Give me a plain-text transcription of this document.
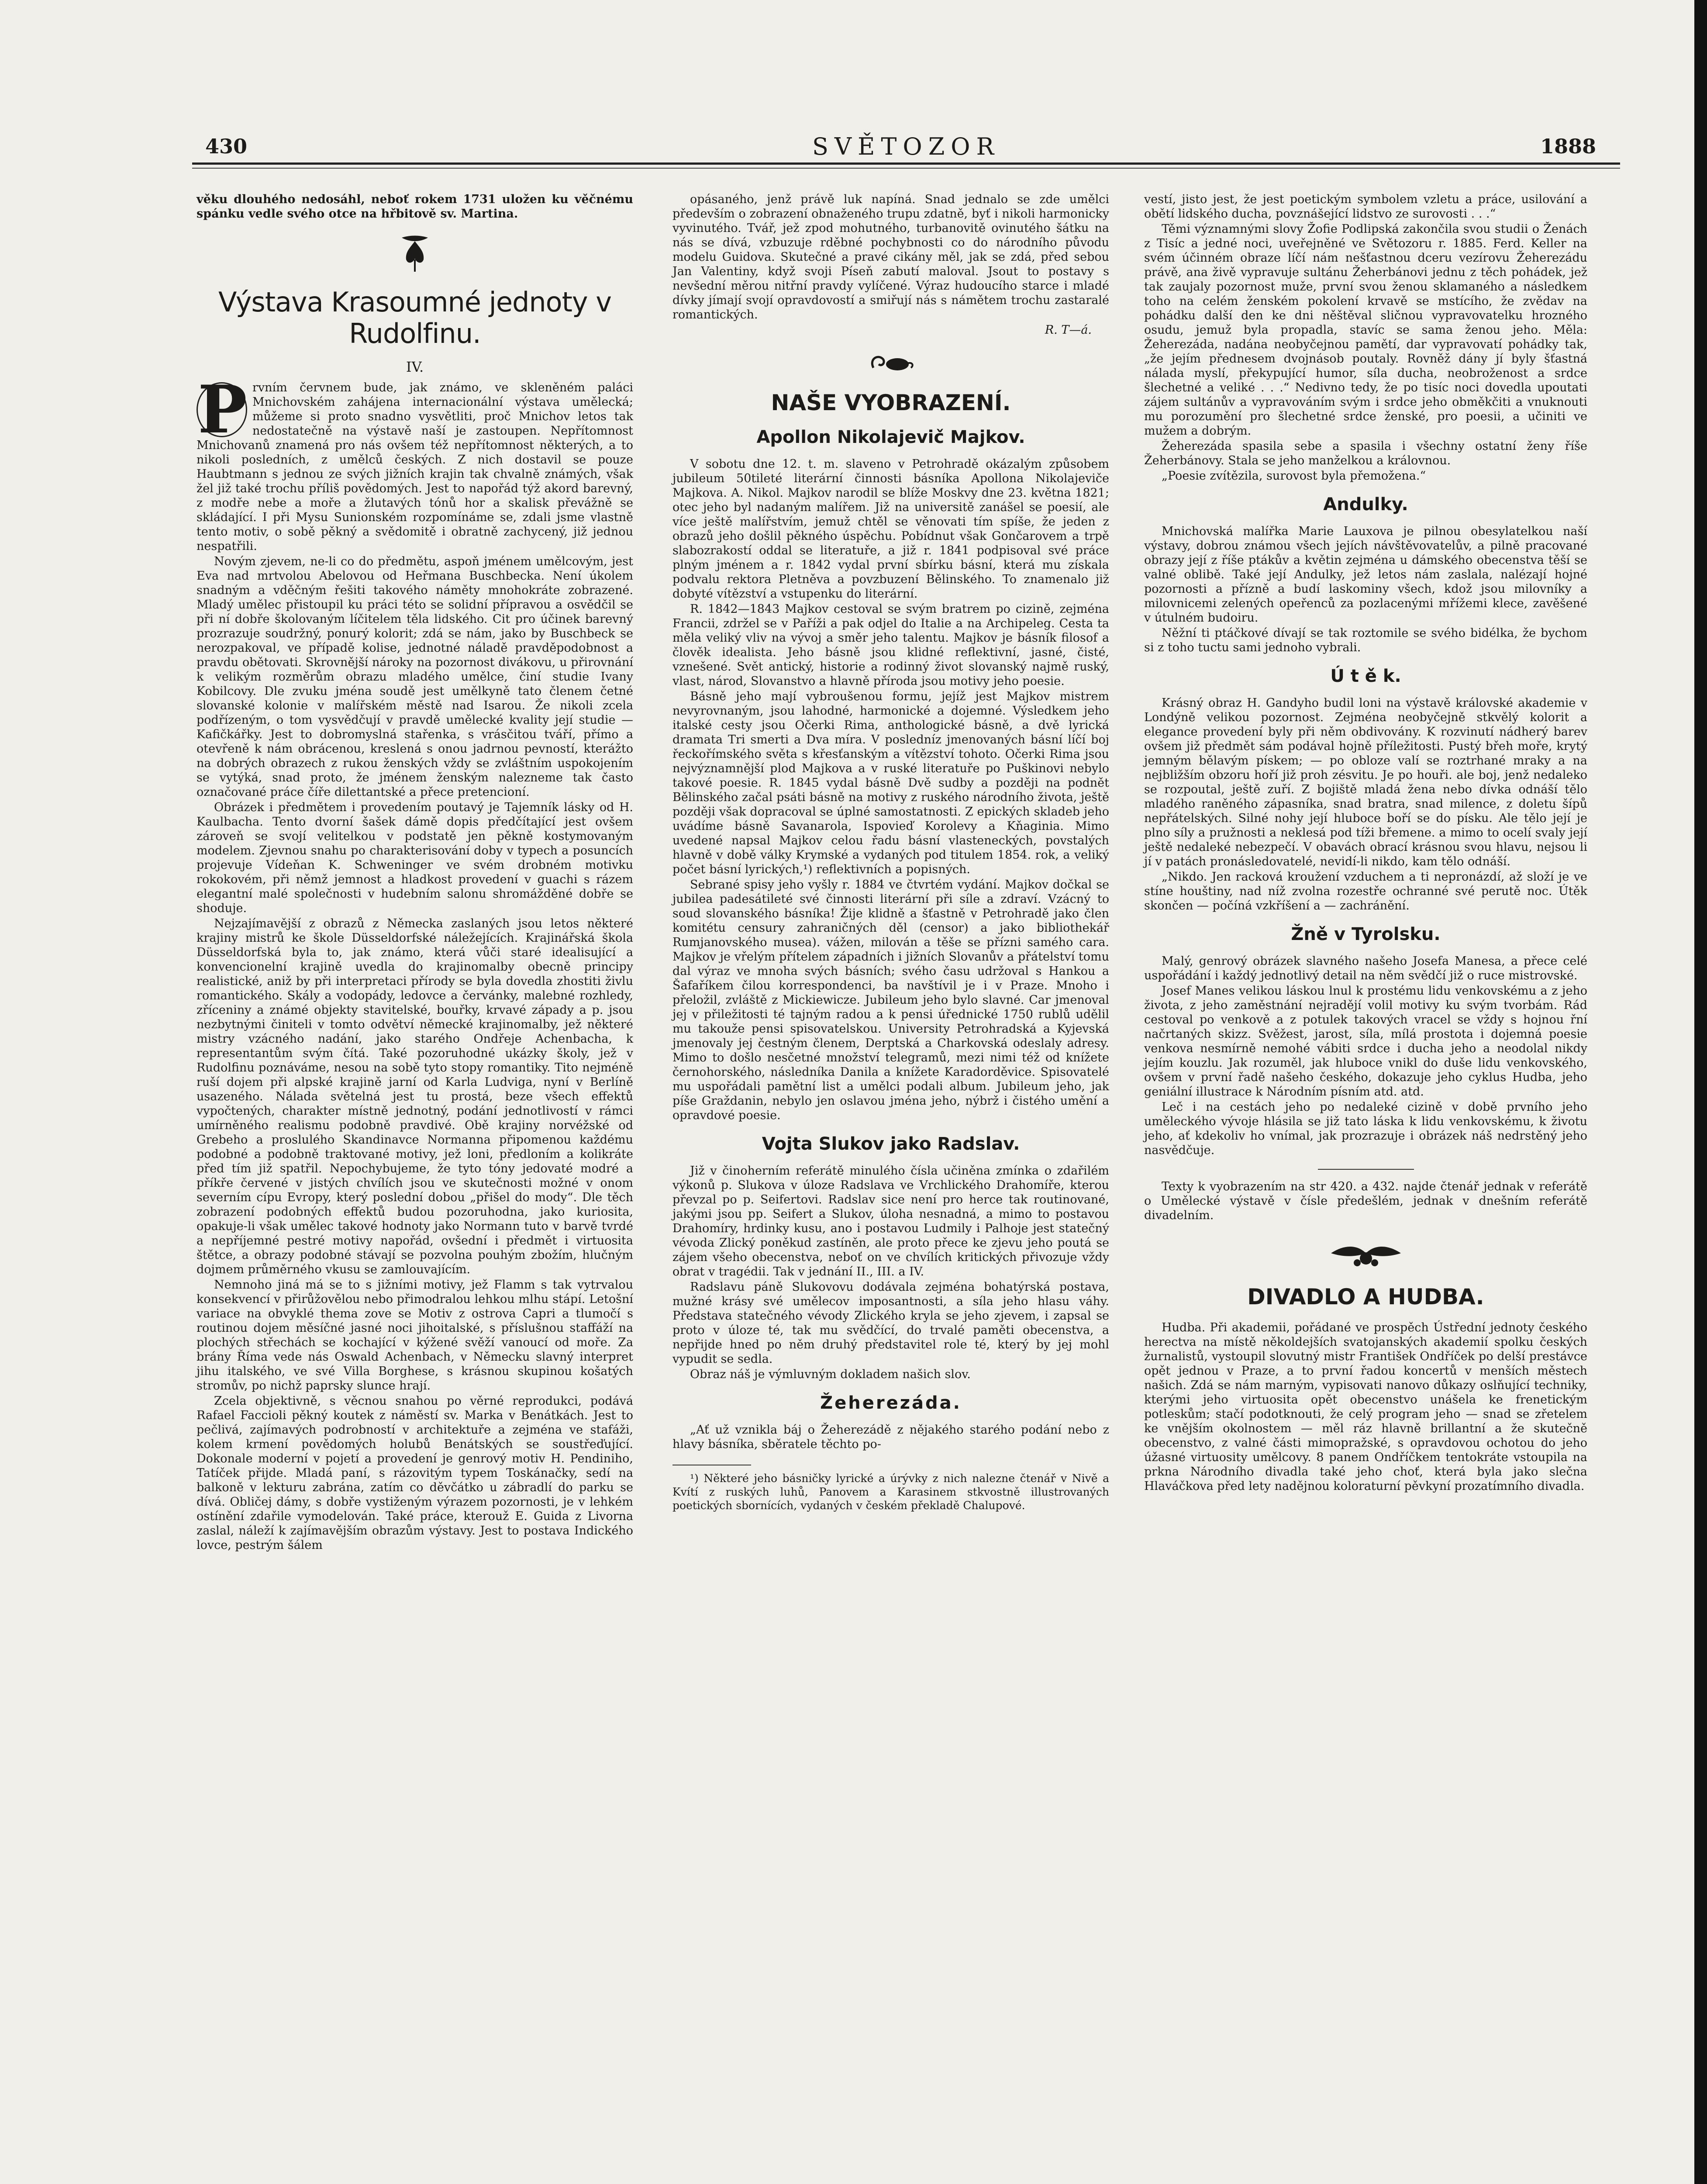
430	SVĚTOZOR	1888

věku dlouhého nedosáhl, neboť rokem 1731 uložen ku věčnému spánku vedle svého otce na hřbitově sv. Martina.

Výstava Krasoumné jednoty v Rudolfinu.
IV.
P rvním červnem bude, jak známo, ve skleněném paláci Mnichovském zahájena internacionální výstava umělecká; můžeme si proto snadno vysvětliti, proč Mnichov letos tak nedostatečně na výstavě naší je zastoupen. Nepřítomnost Mnichovanů znamená pro nás ovšem též nepřítomnost některých, a to nikoli posledních, z umělců českých. Z nich dostavil se pouze Haubtmann s jednou ze svých jižních krajin tak chvalně známých, však žel již také trochu příliš povědomých. Jest to napořád týž akord barevný, z modře nebe a moře a žlutavých tónů hor a skalisk převážně se skládající. I při Mysu Sunionském rozpomínáme se, zdali jsme vlastně tento motiv, o sobě pěkný a svědomitě i obratně zachycený, již jednou nespatřili.

Novým zjevem, ne-li co do předmětu, aspoň jménem umělcovým, jest Eva nad mrtvolou Abelovou od Heřmana Buschbecka. Není úkolem snadným a vděčným řešiti takového náměty mnohokráte zobrazené. Mladý umělec přistoupil ku práci této se solidní přípravou a osvědčil se při ní dobře školovaným líčitelem těla lidského. Cit pro účinek barevný prozrazuje soudržný, ponurý kolorit; zdá se nám, jako by Buschbeck se nerozpakoval, ve případě kolise, jednotné náladě pravděpodobnost a pravdu obětovati. Skrovnější nároky na pozornost divákovu, u přirovnání k velikým rozměrům obrazu mladého umělce, činí studie Ivany Kobilcovy. Dle zvuku jména soudě jest umělkyně tato členem četné slovanské kolonie v malířském městě nad Isarou. Že nikoli zcela podřízeným, o tom vysvědčují v pravdě umělecké kvality její studie — Kafičkářky. Jest to dobromyslná stařenka, s vrásčitou tváří, přímo a otevřeně k nám obrácenou, kreslená s onou jadrnou pevností, kterážto na dobrých obrazech z rukou ženských vždy se zvláštním uspokojením se vytýká, snad proto, že jménem ženským nalezneme tak často označované práce číře dilettantské a přece pretencioní.

Obrázek i předmětem i provedením poutavý je Tajemník lásky od H. Kaulbacha. Tento dvorní šašek dámě dopis předčítající jest ovšem zároveň se svojí velitelkou v podstatě jen pěkně kostymovaným modelem. Zjevnou snahu po charakterisování doby v typech a posuncích projevuje Vídeňan K. Schweninger ve svém drobném motivku rokokovém, při němž jemnost a hladkost provedení v guachi s rázem elegantní malé společnosti v hudebním salonu shromážděné dobře se shoduje.

Nejzajímavější z obrazů z Německa zaslaných jsou letos některé krajiny mistrů ke škole Düsseldorfské náležejících. Krajinářská škola Düsseldorfská byla to, jak známo, která vůči staré idealisující a konvencionelní krajině uvedla do krajinomalby obecně principy realistické, aniž by při interpretaci přírody se byla dovedla zhostiti živlu romantického. Skály a vodopády, ledovce a červánky, malebné rozhledy, zříceniny a známé objekty stavitelské, bouřky, krvavé západy a p. jsou nezbytnými činiteli v tomto odvětví německé krajinomalby, jež některé mistry vzácného nadání, jako starého Ondřeje Achenbacha, k representantům svým čítá. Také pozoruhodné ukázky školy, jež v Rudolfinu poznáváme, nesou na sobě tyto stopy romantiky. Tito nejméně ruší dojem při alpské krajině jarní od Karla Ludviga, nyní v Berlíně usazeného. Nálada světelná jest tu prostá, beze všech effektů vypočtených, charakter místně jednotný, podání jednotlivostí v rámci umírněného realismu podobně pravdivé. Obě krajiny norvéžské od Grebeho a proslulého Skandinavce Normanna připomenou každému podobné a podobně traktované motivy, jež loni, předloním a kolikráte před tím již spatřil. Nepochybujeme, že tyto tóny jedovaté modré a příkře červené v jistých chvílích jsou ve skutečnosti možné v onom severním cípu Evropy, který poslední dobou „přišel do mody“. Dle těch zobrazení podobných effektů budou pozoruhodna, jako kuriosita, opakuje-li však umělec takové hodnoty jako Normann tuto v barvě tvrdé a nepříjemné pestré motivy napořád, ovšední i předmět i virtuosita štětce, a obrazy podobné stávají se pozvolna pouhým zbožím, hlučným dojmem průměrného vkusu se zamlouvajícím.

Nemnoho jiná má se to s jižními motivy, jež Flamm s tak vytrvalou konsekvencí v přirůžovělou nebo přimodralou lehkou mlhu stápí. Letošní variace na obvyklé thema zove se Motiv z ostrova Capri a tlumočí s routinou dojem měsíčné jasné noci jihoitalské, s příslušnou staffáží na plochých střechách se kochající v kýžené svěží vanoucí od moře. Za brány Říma vede nás Oswald Achenbach, v Německu slavný interpret jihu italského, ve své Villa Borghese, s krásnou skupinou košatých stromův, po nichž paprsky slunce hrají.

Zcela objektivně, s věcnou snahou po věrné reprodukci, podává Rafael Faccioli pěkný koutek z náměstí sv. Marka v Benátkách. Jest to pečlivá, zajímavých podrobností v architektuře a zejména ve stafáži, kolem krmení povědomých holubů Benátských se soustřeďující. Dokonale moderní v pojetí a provedení je genrový motiv H. Pendiniho, Tatíček přijde. Mladá paní, s rázovitým typem Toskánačky, sedí na balkoně v lekturu zabrána, zatím co děvčátko u zábradlí do parku se dívá. Obličej dámy, s dobře vystiženým výrazem pozornosti, je v lehkém ostínění zdařile vymodelován. Také práce, kterouž E. Guida z Livorna zaslal, náleží k zajímavějším obrazům výstavy. Jest to postava Indického lovce, pestrým šálem

opásaného, jenž právě luk napíná. Snad jednalo se zde umělci především o zobrazení obnaženého trupu zdatně, byť i nikoli harmonicky vyvinutého. Tvář, jež zpod mohutného, turbanovitě ovinutého šátku na nás se dívá, vzbuzuje rděbné pochybnosti co do národního původu modelu Guidova. Skutečné a pravé cikány měl, jak se zdá, před sebou Jan Valentiny, když svoji Píseň zabutí maloval. Jsout to postavy s nevšední měrou nitřní pravdy vylíčené. Výraz hudoucího starce i mladé dívky jímají svojí opravdovostí a smiřují nás s námětem trochu zastaralé romantických.

R. T—á.

NAŠE VYOBRAZENÍ.
Apollon Nikolajevič Majkov.

V sobotu dne 12. t. m. slaveno v Petrohradě okázalým způsobem jubileum 50tileté literární činnosti básníka Apollona Nikolajeviče Majkova. A. Nikol. Majkov narodil se blíže Moskvy dne 23. května 1821; otec jeho byl nadaným malířem. Již na universitě zanášel se poesií, ale více ještě malířstvím, jemuž chtěl se věnovati tím spíše, že jeden z obrazů jeho došlil pěkného úspěchu. Pobídnut však Gončarovem a trpě slabozrakostí oddal se literatuře, a již r. 1841 podpisoval své práce plným jménem a r. 1842 vydal první sbírku básní, která mu získala podvalu rektora Pletněva a povzbuzení Bělinského. To znamenalo již dobyté vítězství a vstupenku do literární.

R. 1842—1843 Majkov cestoval se svým bratrem po cizině, zejména Francii, zdržel se v Paříži a pak odjel do Italie a na Archipeleg. Cesta ta měla veliký vliv na vývoj a směr jeho talentu. Majkov je básník filosof a člověk idealista. Jeho básně jsou klidné reflektivní, jasné, čisté, vznešené. Svět antický, historie a rodinný život slovanský najmě ruský, vlast, národ, Slovanstvo a hlavně příroda jsou motivy jeho poesie.

Básně jeho mají vybroušenou formu, jejíž jest Majkov mistrem nevyrovnaným, jsou lahodné, harmonické a dojemné. Výsledkem jeho italské cesty jsou Očerki Rima, anthologické básně, a dvě lyrická dramata Tri smerti a Dva míra. V posledníz jmenovaných básní líčí boj řeckořímského světa s křesťanským a vítězství tohoto. Očerki Rima jsou nejvýznamnější plod Majkova a v ruské literatuře po Puškinovi nebylo takové poesie. R. 1845 vydal básně Dvě sudby a později na podnět Bělinského začal psáti básně na motivy z ruského národního života, ještě později však dopracoval se úplné samostatnosti. Z epických skladeb jeho uvádíme básně Savanarola, Ispovieď Korolevy a Kňaginia. Mimo uvedené napsal Majkov celou řadu básní vlasteneckých, povstalých hlavně v době války Krymské a vydaných pod titulem 1854. rok, a veliký počet básní lyrických,¹) reflektivních a popisných.

Sebrané spisy jeho vyšly r. 1884 ve čtvrtém vydání. Majkov dočkal se jubilea padesátileté své činnosti literární při síle a zdraví. Vzácný to soud slovanského básníka! Žije klidně a šťastně v Petrohradě jako člen komitétu censury zahraničných děl (censor) a jako bibliothekář Rumjanovského musea). vážen, milován a těše se přízni samého cara. Majkov je vřelým přítelem západních i jižních Slovanův a přátelství tomu dal výraz ve mnoha svých básních; svého času udržoval s Hankou a Šafaříkem čilou korrespondenci, ba navštívil je i v Praze. Mnoho i přeložil, zvláště z Mickiewicze. Jubileum jeho bylo slavné. Car jmenoval jej v přiležitosti té tajným radou a k pensi úřednické 1750 rublů udělil mu takouže pensi spisovatelskou. University Petrohradská a Kyjevská jmenovaly jej čestným členem, Derptská a Charkovská odeslaly adresy. Mimo to došlo nesčetné množství telegramů, mezi nimi též od knížete černohorského, následníka Danila a knížete Karadorděvice. Spisovatelé mu uspořádali pamětní list a umělci podali album. Jubileum jeho, jak píše Graždanin, nebylo jen oslavou jména jeho, nýbrž i čistého umění a opravdové poesie.

Vojta Slukov jako Radslav.

Již v činoherním referátě minulého čísla učiněna zmínka o zdařilém výkonů p. Slukova v úloze Radslava ve Vrchlického Drahomíře, kterou převzal po p. Seifertovi. Radslav sice není pro herce tak routinované, jakými jsou pp. Seifert a Slukov, úloha nesnadná, a mimo to postavou Drahomíry, hrdinky kusu, ano i postavou Ludmily i Palhoje jest statečný vévoda Zlický poněkud zastíněn, ale proto přece ke zjevu jeho poutá se zájem všeho obecenstva, neboť on ve chvílích kritických přivozuje vždy obrat v tragédii. Tak v jednání II., III. a IV.

Radslavu páně Slukovovu dodávala zejména bohatýrská postava, mužné krásy své umělecov imposantnosti, a síla jeho hlasu váhy. Představa statečného vévody Zlického kryla se jeho zjevem, i zapsal se proto v úloze té, tak mu svědčící, do trvalé paměti obecenstva, a nepřijde hned po něm druhý představitel role té, který by jej mohl vypudit se sedla.

Obraz náš je výmluvným dokladem našich slov.

Žeherezáda.

„Ať už vznikla báj o Žeherezádě z nějakého starého podání nebo z hlavy básníka, sběratele těchto po-

¹) Některé jeho básničky lyrické a úrývky z nich nalezne čtenář v Nivě a Kvítí z ruských luhů, Panovem a Karasinem stkvostně illustrovaných poetických sbornících, vydaných v českém překladě Chalupové.

vestí, jisto jest, že jest poetickým symbolem vzletu a práce, usilování a obětí lidského ducha, povznášející lidstvo ze surovosti . . .“

Těmi významnými slovy Žofie Podlipská zakončila svou studii o Ženách z Tisíc a jedné noci, uveřejněné ve Světozoru r. 1885. Ferd. Keller na svém účinném obraze líčí nám nešťastnou dceru vezírovu Žeherezádu právě, ana živě vypravuje sultánu Žeherbánovi jednu z těch pohádek, jež tak zaujaly pozornost muže, první svou ženou sklamaného a následkem toho na celém ženském pokolení krvavě se mstícího, že zvědav na pohádku další den ke dni něštěval sličnou vypravovatelku hrozného osudu, jemuž byla propadla, stavíc se sama ženou jeho. Měla: Žeherezáda, nadána neobyčejnou pamětí, dar vypravovatí pohádky tak, „že jejím přednesem dvojnásob poutaly. Rovněž dány jí byly šťastná nálada myslí, překypující humor, síla ducha, neobroženost a srdce šlechetné a veliké . . .“ Nedivno tedy, že po tisíc noci dovedla upoutati zájem sultánův a vypravováním svým i srdce jeho obměkčiti a vnuknouti mu porozumění pro šlechetné srdce ženské, pro poesii, a učiniti ve mužem a dobrým.

Žeherezáda spasila sebe a spasila i všechny ostatní ženy říše Žeherbánovy. Stala se jeho manželkou a královnou.

„Poesie zvítězila, surovost byla přemožena.“

Andulky.

Mnichovská malířka Marie Lauxova je pilnou obesylatelkou naší výstavy, dobrou známou všech jejích návštěvovatelův, a pilně pracované obrazy její z říše ptákův a květin zejména u dámského obecenstva těší se valné oblibě. Také její Andulky, jež letos nám zaslala, nalézají hojné pozornosti a přízně a budí laskominy všech, kdož jsou milovníky a milovnicemi zelených opeřenců za pozlacenými mřížemi klece, zavěšené v útulném budoiru.

Něžní ti ptáčkové dívají se tak roztomile se svého bidélka, že bychom si z toho tuctu sami jednoho vybrali.

Ú t ě k.

Krásný obraz H. Gandyho budil loni na výstavě královské akademie v Londýně velikou pozornost. Zejména neobyčejně stkvělý kolorit a elegance provedení byly při něm obdivovány. K rozvinutí nádherý barev ovšem již předmět sám podával hojně příležitosti. Pustý břeh moře, krytý jemným bělavým pískem; — po obloze valí se roztrhané mraky a na nejbližším obzoru hoří již proh zésvitu. Je po houři. ale boj, jenž nedaleko se rozpoutal, ještě zuří. Z bojiště mladá žena nebo dívka odnáší tělo mladého raněného zápasníka, snad bratra, snad milence, z doletu šípů nepřátelských. Silné nohy její hluboce boří se do písku. Ale tělo její je plno síly a pružnosti a neklesá pod tíži břemene. a mimo to ocelí svaly její ještě nedaleké nebezpečí. V obavách obrací krásnou svou hlavu, nejsou li jí v patách pronásledovatelé, nevidí-li nikdo, kam tělo odnáší.

„Nikdo. Jen racková kroužení vzduchem a ti nepronázdí, až složí je ve stíne houštiny, nad níž zvolna rozestře ochranné své perutě noc. Útěk skončen — počíná vzkříšení a — zachránění.

Žně v Tyrolsku.

Malý, genrový obrázek slavného našeho Josefa Manesa, a přece celé uspořádání i každý jednotlivý detail na něm svědčí již o ruce mistrovské.

Josef Manes velikou láskou lnul k prostému lidu venkovskému a z jeho života, z jeho zaměstnání nejradějí volil motivy ku svým tvorbám. Rád cestoval po venkově a z potulek takových vracel se vždy s hojnou řní načrtaných skizz. Svěžest, jarost, síla, mílá prostota i dojemná poesie venkova nesmírně nemohé vábiti srdce i ducha jeho a neodolal nikdy jejím kouzlu. Jak rozuměl, jak hluboce vnikl do duše lidu venkovského, ovšem v první řadě našeho českého, dokazuje jeho cyklus Hudba, jeho geniální illustrace k Národním písním atd. atd.

Leč i na cestách jeho po nedaleké cizině v době prvního jeho uměleckého vývoje hlásila se již tato láska k lidu venkovskému, k životu jeho, ať kdekoliv ho vnímal, jak prozrazuje i obrázek náš nedrstěný jeho nasvědčuje.

Texty k vyobrazením na str 420. a 432. najde čtenář jednak v referátě o Umělecké výstavě v čísle předešlém, jednak v dnešním referátě divadelním.

DIVADLO A HUDBA.

Hudba. Při akademii, pořádané ve prospěch Ústřední jednoty českého herectva na místě několdejších svatojanských akademií spolku českých žurnalistů, vystoupil slovutný mistr František Ondříček po delší prestávce opět jednou v Praze, a to první řadou koncertů v menších městech našich. Zdá se nám marným, vypisovati nanovo důkazy oslňující techniky, kterými jeho virtuosita opět obecenstvo unášela ke frenetickým potleskům; stačí podotknouti, že celý program jeho — snad se zřetelem ke vnějším okolnostem — měl ráz hlavně brillantní a že skutečně obecenstvo, z valné části mimopražské, s opravdovou ochotou do jeho úžasné virtuosity umělcovy. 8 panem Ondříčkem tentokráte vstoupila na prkna Národního divadla také jeho choť, která byla jako slečna Hlaváčkova před lety nadějnou koloraturní pěvkyní prozatímního divadla.
